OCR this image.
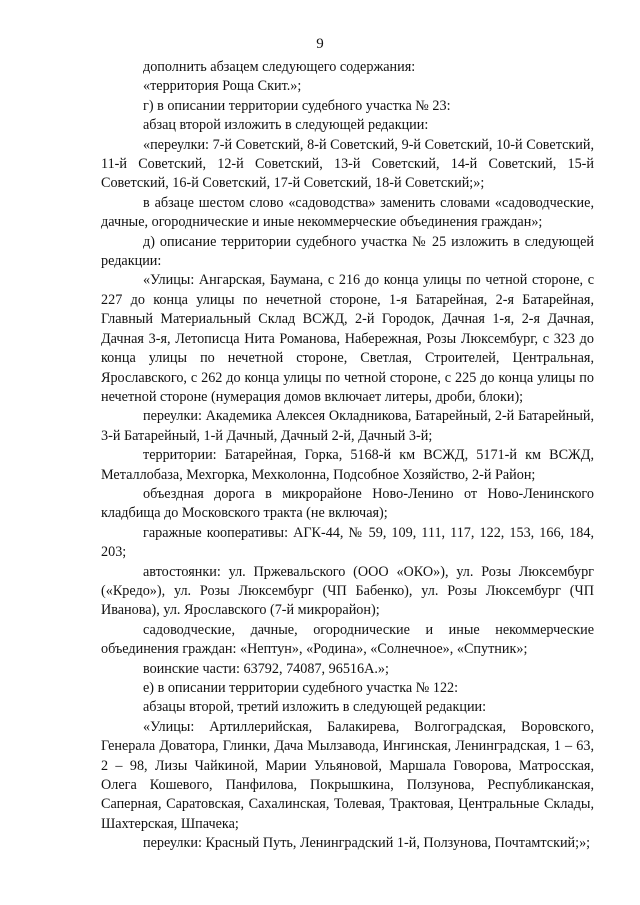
9

дополнить абзацем следующего содержания:

«территория Роща Скит.»;

г) в описании территории судебного участка № 23:

абзац второй изложить в следующей редакции:

«переулки: 7-й Советский, 8-й Советский, 9-й Советский, 10-й Советский, 11-й Советский, 12-й Советский, 13-й Советский, 14-й Советский, 15-й Советский, 16-й Советский, 17-й Советский, 18-й Советский;»;

в абзаце шестом слово «садоводства» заменить словами «садоводческие, дачные, огороднические и иные некоммерческие объединения граждан»;

д) описание территории судебного участка № 25 изложить в следующей редакции:

«Улицы: Ангарская, Баумана, с 216 до конца улицы по четной стороне, с 227 до конца улицы по нечетной стороне, 1-я Батарейная, 2-я Батарейная, Главный Материальный Склад ВСЖД, 2-й Городок, Дачная 1-я, 2-я Дачная, Дачная 3-я, Летописца Нита Романова, Набережная, Розы Люксембург, с 323 до конца улицы по нечетной стороне, Светлая, Строителей, Центральная, Ярославского, с 262 до конца улицы по четной стороне, с 225 до конца улицы по нечетной стороне (нумерация домов включает литеры, дроби, блоки);

переулки: Академика Алексея Окладникова, Батарейный, 2-й Батарейный, 3-й Батарейный, 1-й Дачный, Дачный 2-й, Дачный 3-й;

территории: Батарейная, Горка, 5168-й км ВСЖД, 5171-й км ВСЖД, Металлобаза, Мехгорка, Мехколонна, Подсобное Хозяйство, 2-й Район;

объездная дорога в микрорайоне Ново-Ленино от Ново-Ленинского кладбища до Московского тракта (не включая);

гаражные кооперативы: АГК-44, № 59, 109, 111, 117, 122, 153, 166, 184, 203;

автостоянки: ул. Пржевальского (ООО «ОКО»), ул. Розы Люксембург («Кредо»), ул. Розы Люксембург (ЧП Бабенко), ул. Розы Люксембург (ЧП Иванова), ул. Ярославского (7-й микрорайон);

садоводческие, дачные, огороднические и иные некоммерческие объединения граждан: «Нептун», «Родина», «Солнечное», «Спутник»;

воинские части: 63792, 74087, 96516А.»;

е) в описании территории судебного участка № 122:

абзацы второй, третий изложить в следующей редакции:

«Улицы: Артиллерийская, Балакирева, Волгоградская, Воровского, Генерала Доватора, Глинки, Дача Мылзавода, Ингинская, Ленинградская, 1 – 63, 2 – 98, Лизы Чайкиной, Марии Ульяновой, Маршала Говорова, Матросская, Олега Кошевого, Панфилова, Покрышкина, Ползунова, Республиканская, Саперная, Саратовская, Сахалинская, Толевая, Трактовая, Центральные Склады, Шахтерская, Шпачека;

переулки: Красный Путь, Ленинградский 1-й, Ползунова, Почтамтский;»;
